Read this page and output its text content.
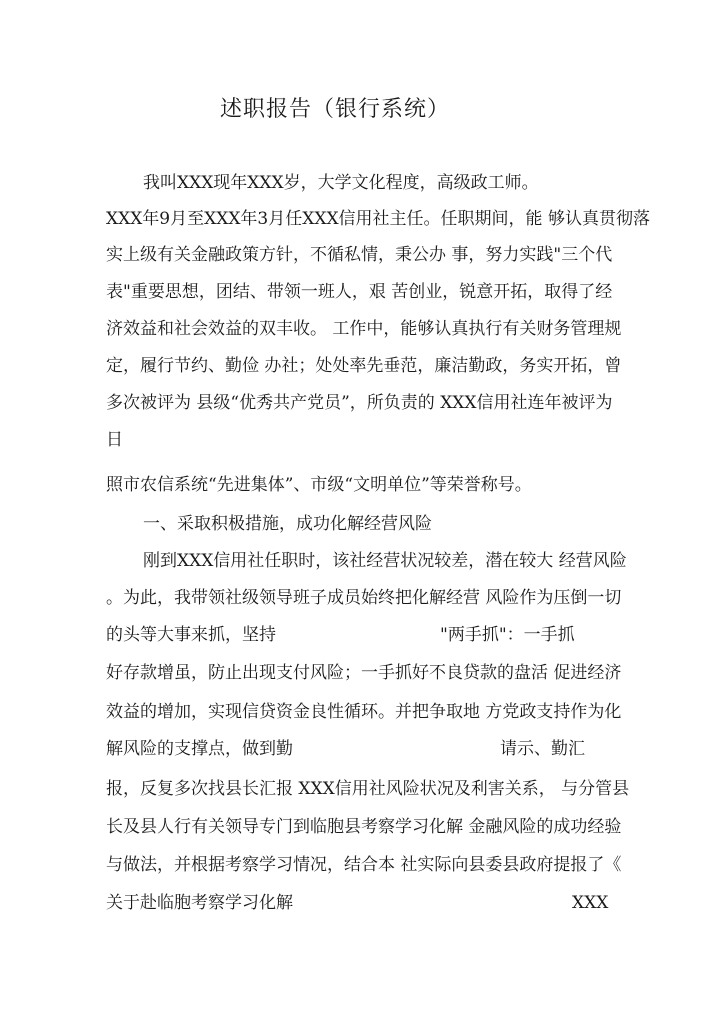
述职报告（银行系统）
我叫XXX现年XXX岁，大学文化程度，高级政工师。
XXX年9月至XXX年3月任XXX信用社主任。任职期间，能 够认真贯彻落
实上级有关金融政策方针，不循私情，秉公办 事，努力实践"三个代
表"重要思想，团结、带领一班人，艰 苦创业，锐意开拓，取得了经
济效益和社会效益的双丰收。 工作中，能够认真执行有关财务管理规
定，履行节约、勤俭 办社；处处率先垂范，廉洁勤政，务实开拓，曾
多次被评为 县级“优秀共产党员”，所负责的 XXX信用社连年被评为
日
照市农信系统“先进集体”、市级“文明单位”等荣誉称号。
一、采取积极措施，成功化解经营风险
刚到XXX信用社任职时，该社经营状况较差，潜在较大 经营风险
。为此，我带领社级领导班子成员始终把化解经营 风险作为压倒一切
的头等大事来抓，坚持	"两手抓"：一手抓
好存款增虽，防止出现支付风险；一手抓好不良贷款的盘活 促进经济
效益的增加，实现信贷资金良性循环。并把争取地 方党政支持作为化
解风险的支撑点，做到勤	请示、勤汇
报，反复多次找县长汇报 XXX信用社风险状况及利害关系， 与分管县
长及县人行有关领导专门到临胞县考察学习化解 金融风险的成功经验
与做法，并根据考察学习情况，结合本 社实际向县委县政府提报了《
关于赴临胞考察学习化解	XXX
